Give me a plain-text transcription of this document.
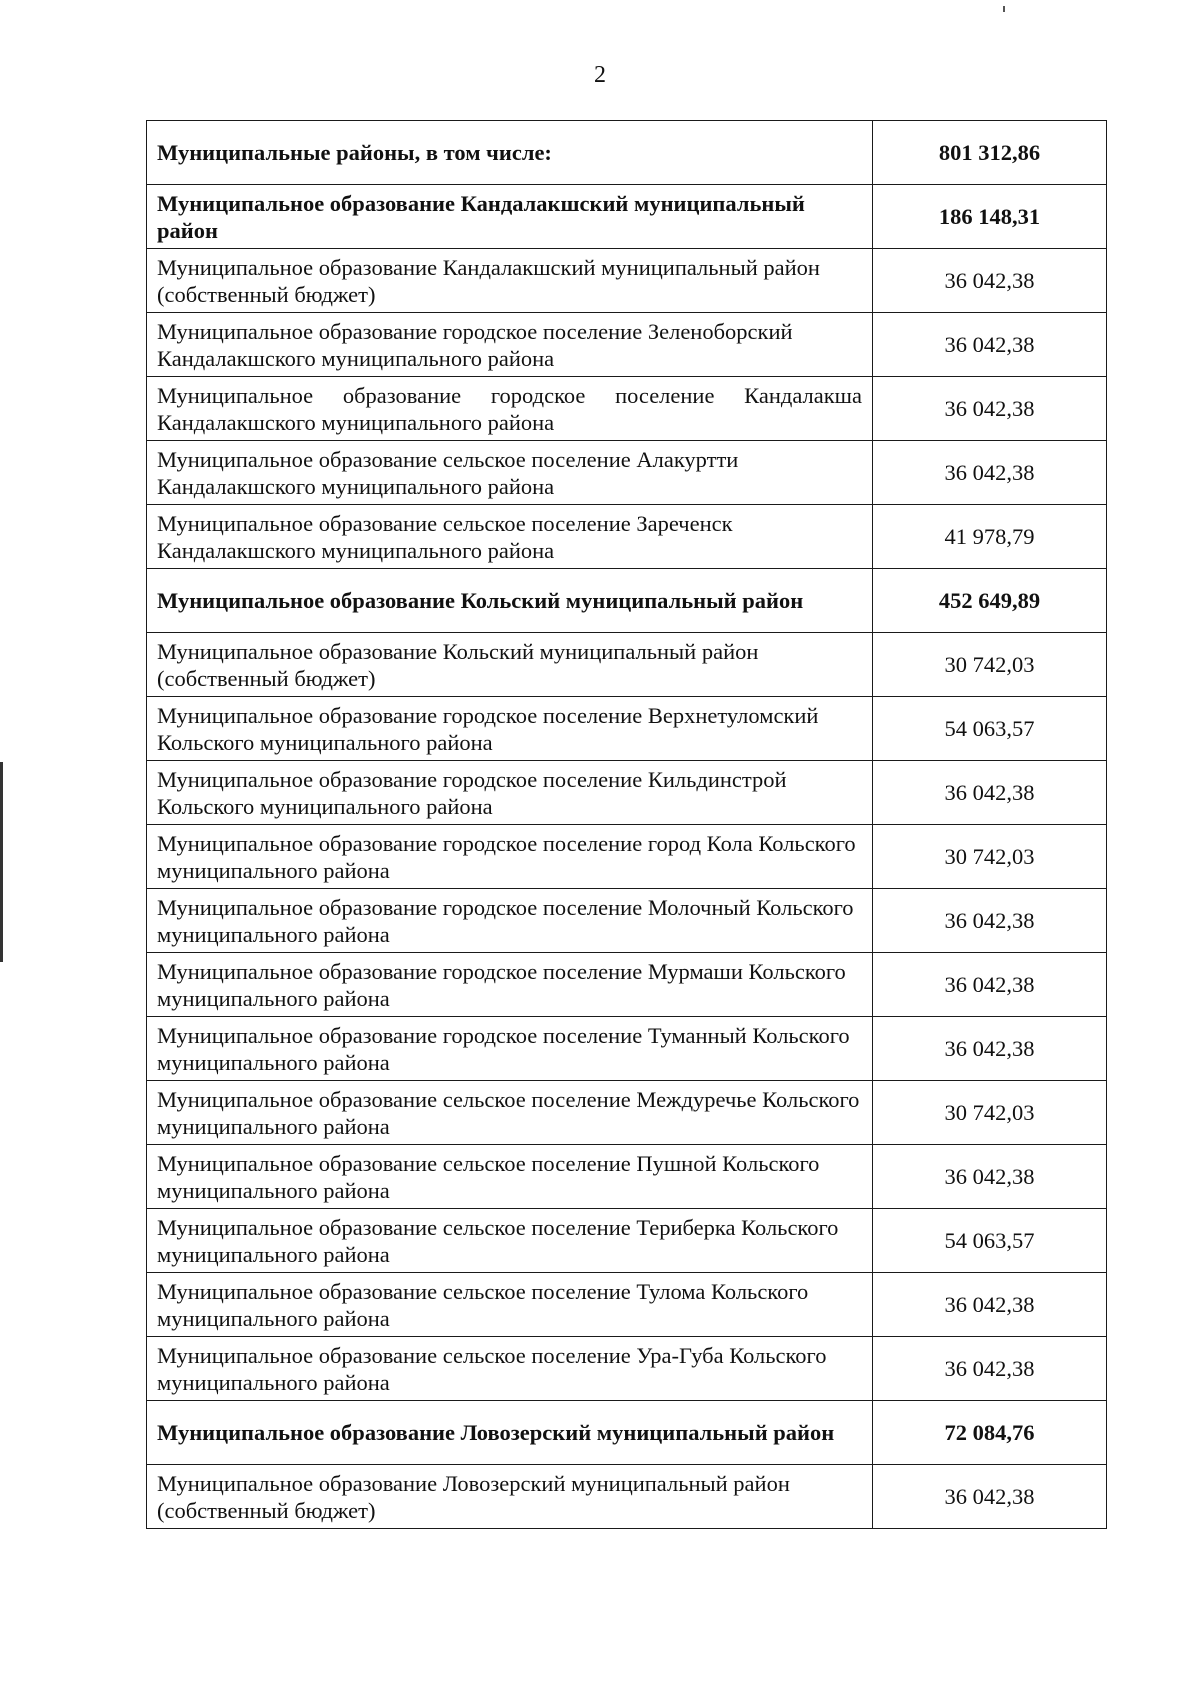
2
Муниципальные районы, в том числе:	801 312,86
Муниципальное образование Кандалакшский муниципальный район	186 148,31
Муниципальное образование Кандалакшский муниципальный район (собственный бюджет)	36 042,38
Муниципальное образование городское поселение Зеленоборский Кандалакшского муниципального района	36 042,38
Муниципальное образование городское поселение Кандалакша Кандалакшского муниципального района	36 042,38
Муниципальное образование сельское поселение Алакуртти Кандалакшского муниципального района	36 042,38
Муниципальное образование сельское поселение Зареченск Кандалакшского муниципального района	41 978,79
Муниципальное образование Кольский муниципальный район	452 649,89
Муниципальное образование Кольский муниципальный район (собственный бюджет)	30 742,03
Муниципальное образование городское поселение Верхнетуломский Кольского муниципального района	54 063,57
Муниципальное образование городское поселение Кильдинстрой Кольского муниципального района	36 042,38
Муниципальное образование городское поселение город Кола Кольского муниципального района	30 742,03
Муниципальное образование городское поселение Молочный Кольского муниципального района	36 042,38
Муниципальное образование городское поселение Мурмаши Кольского муниципального района	36 042,38
Муниципальное образование городское поселение Туманный Кольского муниципального района	36 042,38
Муниципальное образование сельское поселение Междуречье Кольского муниципального района	30 742,03
Муниципальное образование сельское поселение Пушной Кольского муниципального района	36 042,38
Муниципальное образование сельское поселение Териберка Кольского муниципального района	54 063,57
Муниципальное образование сельское поселение Тулома Кольского муниципального района	36 042,38
Муниципальное образование сельское поселение Ура-Губа Кольского муниципального района	36 042,38
Муниципальное образование Ловозерский муниципальный район	72 084,76
Муниципальное образование Ловозерский муниципальный район (собственный бюджет)	36 042,38
